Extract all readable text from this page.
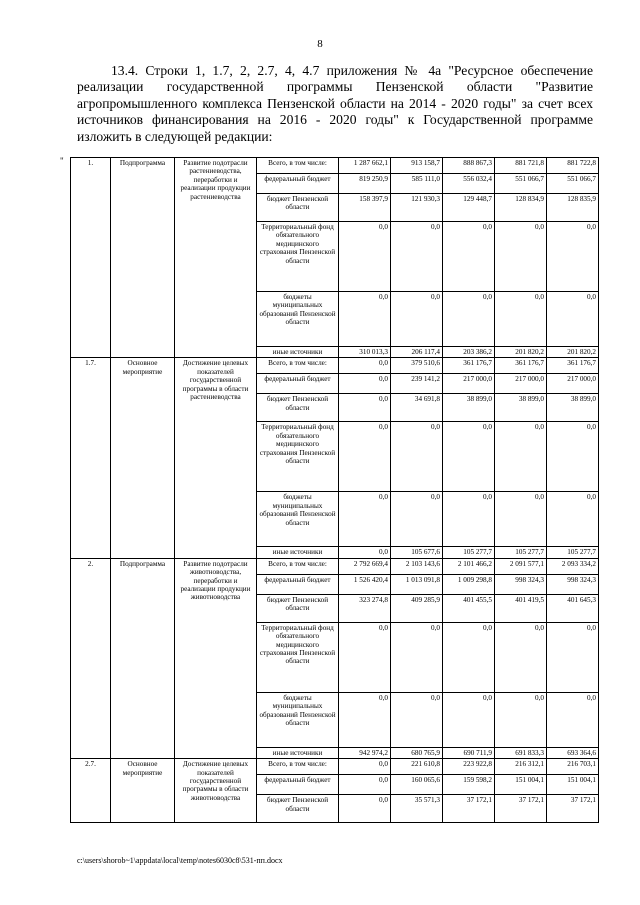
8

13.4. Строки 1, 1.7, 2, 2.7, 4, 4.7 приложения № 4а "Ресурсное обеспечение реализации государственной программы Пензенской области "Развитие агропромышленного комплекса Пензенской области на 2014 - 2020 годы" за счет всех источников финансирования на 2016 - 2020 годы" к Государственной программе изложить в следующей редакции:

"	1.	Подпрограмма	Развитие подотрасли растениеводства, переработки и реализации продукции растениеводства	Всего, в том числе:	1 287 662,1	913 158,7	888 867,3	881 721,8	881 722,8
			федеральный бюджет	819 250,9	585 111,0	556 032,4	551 066,7	551 066,7
			бюджет Пензенской области	158 397,9	121 930,3	129 448,7	128 834,9	128 835,9
			Территориальный фонд обязательного медицинского страхования Пензенской области	0,0	0,0	0,0	0,0	0,0
			бюджеты муниципальных образований Пензенской области	0,0	0,0	0,0	0,0	0,0
			иные источники	310 013,3	206 117,4	203 386,2	201 820,2	201 820,2
1.7.	Основное мероприятие	Достижение целевых показателей государственной программы в области растениеводства	Всего, в том числе:	0,0	379 510,6	361 176,7	361 176,7	361 176,7
			федеральный бюджет	0,0	239 141,2	217 000,0	217 000,0	217 000,0
			бюджет Пензенской области	0,0	34 691,8	38 899,0	38 899,0	38 899,0
			Территориальный фонд обязательного медицинского страхования Пензенской области	0,0	0,0	0,0	0,0	0,0
			бюджеты муниципальных образований Пензенской области	0,0	0,0	0,0	0,0	0,0
			иные источники	0,0	105 677,6	105 277,7	105 277,7	105 277,7
2.	Подпрограмма	Развитие подотрасли животноводства, переработки и реализации продукции животноводства	Всего, в том числе:	2 792 669,4	2 103 143,6	2 101 466,2	2 091 577,1	2 093 334,2
			федеральный бюджет	1 526 420,4	1 013 091,8	1 009 298,8	998 324,3	998 324,3
			бюджет Пензенской области	323 274,8	409 285,9	401 455,5	401 419,5	401 645,3
			Территориальный фонд обязательного медицинского страхования Пензенской области	0,0	0,0	0,0	0,0	0,0
			бюджеты муниципальных образований Пензенской области	0,0	0,0	0,0	0,0	0,0
			иные источники	942 974,2	680 765,9	690 711,9	691 833,3	693 364,6
2.7.	Основное мероприятие	Достижение целевых показателей государственной программы в области животноводства	Всего, в том числе:	0,0	221 610,8	223 922,8	216 312,1	216 703,1
			федеральный бюджет	0,0	160 065,6	159 598,2	151 004,1	151 004,1
			бюджет Пензенской области	0,0	35 571,3	37 172,1	37 172,1	37 172,1
c:\users\shorob~1\appdata\local\temp\notes6030c8\531-пп.docx
